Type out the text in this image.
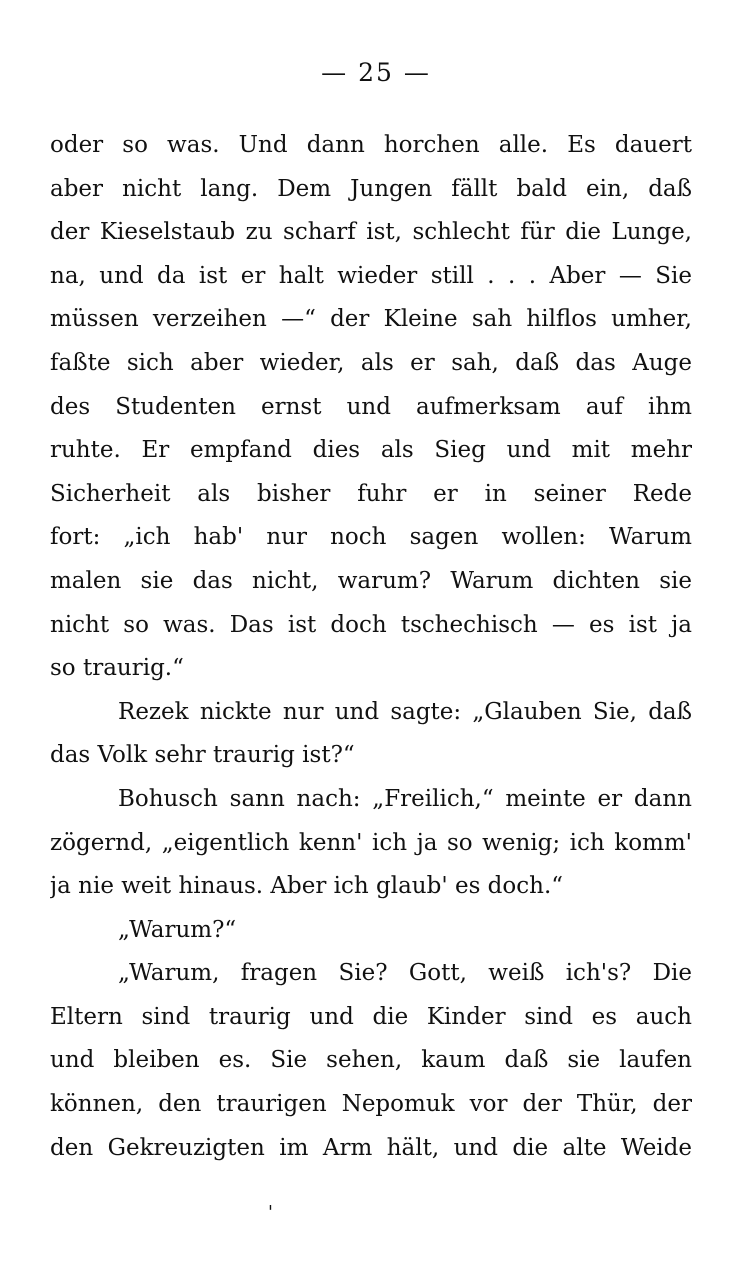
— 25 —
oder so was. Und dann horchen alle. Es dauert
aber nicht lang. Dem Jungen fällt bald ein, daß
der Kieselstaub zu scharf ist, schlecht für die Lunge,
na, und da ist er halt wieder still . . . Aber — Sie
müssen verzeihen —“ der Kleine sah hilflos umher,
faßte sich aber wieder, als er sah, daß das Auge
des Studenten ernst und aufmerksam auf ihm
ruhte. Er empfand dies als Sieg und mit mehr
Sicherheit als bisher fuhr er in seiner Rede
fort: „ich hab' nur noch sagen wollen: Warum
malen sie das nicht, warum? Warum dichten sie
nicht so was. Das ist doch tschechisch — es ist ja
so traurig.“
Rezek nickte nur und sagte: „Glauben Sie, daß
das Volk sehr traurig ist?“
Bohusch sann nach: „Freilich,“ meinte er dann
zögernd, „eigentlich kenn' ich ja so wenig; ich komm'
ja nie weit hinaus. Aber ich glaub' es doch.“
„Warum?“
„Warum, fragen Sie? Gott, weiß ich's? Die
Eltern sind traurig und die Kinder sind es auch
und bleiben es. Sie sehen, kaum daß sie laufen
können, den traurigen Nepomuk vor der Thür, der
den Gekreuzigten im Arm hält, und die alte Weide
'
